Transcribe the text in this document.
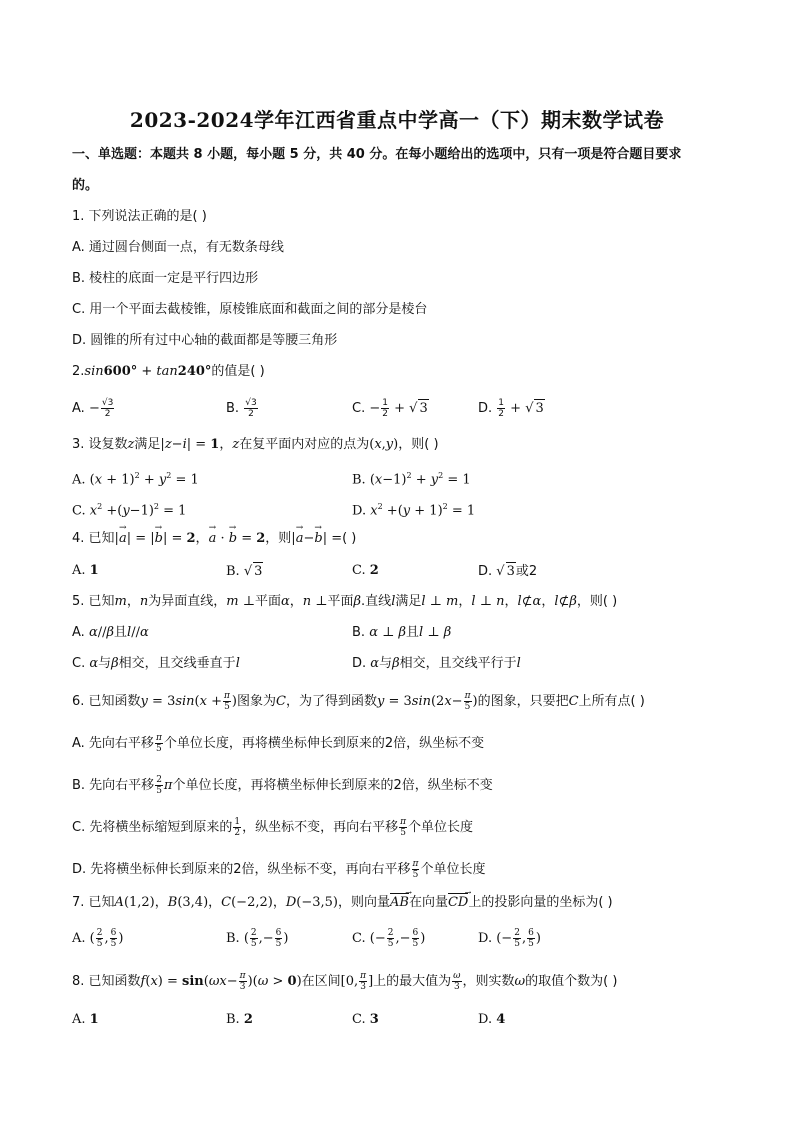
2023-2024学年江西省重点中学高一（下）期末数学试卷
一、单选题：本题共 8 小题，每小题 5 分，共 40 分。在每小题给出的选项中，只有一项是符合题目要求
的。
1. 下列说法正确的是( )
A. 通过圆台侧面一点，有无数条母线
B. 棱柱的底面一定是平行四边形
C. 用一个平面去截棱锥，原棱锥底面和截面之间的部分是棱台
D. 圆锥的所有过中心轴的截面都是等腰三角形
2.sin600° + tan240°的值是( )
A. − $\frac{√3}{2}$	B. $\frac{√3}{2}$	C. − $\frac{1}{2}$ + √ 3	D. $\frac{1}{2}$ + √ 3
3. 设复数z满足|z−i| = 1，z在复平面内对应的点为(x,y)，则( )
A. $(x + 1)^2 + y^2 = 1$	B. $(x-1)^2 + y^2 = 1$
C. $x^2 +(y-1)^2 = 1$	D. $x^2 +(y + 1)^2 = 1$
4. 已知|→ a| = |→ b| = 2，→ a · → b = 2，则|→ a−→ b| =( )
A. 1	B. √ 3	C. 2	D. √ 3或2
5. 已知m，n为异面直线，m ⊥平面α，n ⊥平面β.直线l满足l ⊥ m，l ⊥ n，l⊄α，l⊄β，则( )
A. α//β且l//α	B. α ⊥ β且l ⊥ β
C. α与β相交，且交线垂直于l	D. α与β相交，且交线平行于l
6. 已知函数$y = 3\sin(x + \frac{\pi}{5}$ )图象为C，为了得到函数$y = 3\sin(2x- \frac{\pi}{5}$ )的图象，只要把C上所有点( )
A. 先向右平移 $\frac{\pi}{5}$ 个单位长度，再将横坐标伸长到原来的2倍，纵坐标不变
B. 先向右平移 $\frac{2}{5}$ π个单位长度，再将横坐标伸长到原来的2倍，纵坐标不变
C. 先将横坐标缩短到原来的 $\frac{1}{2}$ ，纵坐标不变，再向右平移 $\frac{\pi}{5}$ 个单位长度
D. 先将横坐标伸长到原来的2倍，纵坐标不变，再向右平移 $\frac{\pi}{5}$ 个单位长度
7. 已知A(1,2)，B(3,4)，C(−2,2)，D(−3,5)，则向量AB →在向量CD →上的投影向量的坐标为( )
A. ( $\frac{2}{5}$ , $\frac{6}{5}$ )	B. ( $\frac{2}{5}$ ,− $\frac{6}{5}$ )	C. (− $\frac{2}{5}$ ,− $\frac{6}{5}$ )	D. (− $\frac{2}{5}$ , $\frac{6}{5}$ )
8. 已知函数$f(x) = \sin(\omega x- \frac{\pi}{3} )(\omega > 0)$在区间[0, $\frac{\pi}{3}$ ]上的最大值为 $\frac{\omega}{3}$ ，则实数ω的取值个数为( )
A. 1	B. 2	C. 3	D. 4
